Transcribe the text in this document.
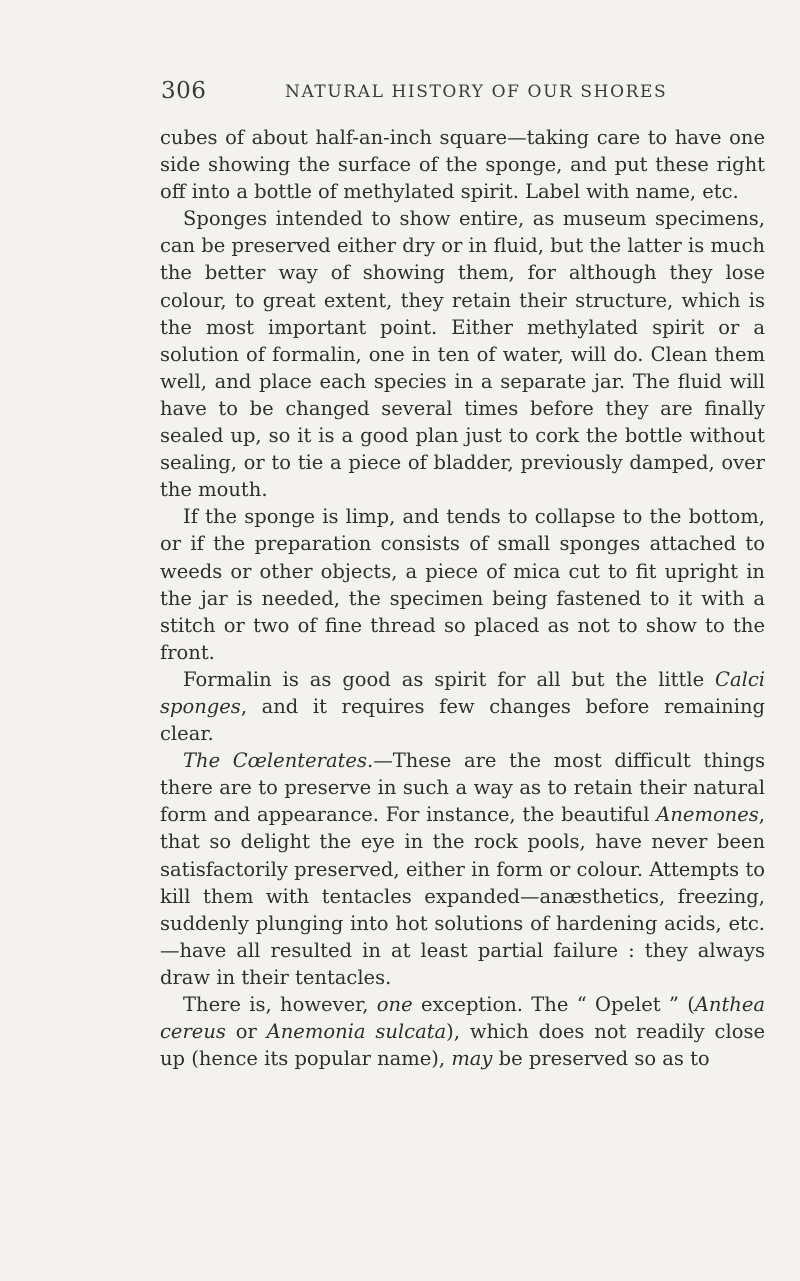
306	NATURAL HISTORY OF OUR SHORES

cubes of about half-an-inch square—taking care to have one side showing the surface of the sponge, and put these right off into a bottle of methylated spirit. Label with name, etc.

Sponges intended to show entire, as museum specimens, can be preserved either dry or in fluid, but the latter is much the better way of showing them, for although they lose colour, to great extent, they retain their structure, which is the most important point. Either methylated spirit or a solution of formalin, one in ten of water, will do. Clean them well, and place each species in a separate jar. The fluid will have to be changed several times before they are finally sealed up, so it is a good plan just to cork the bottle without sealing, or to tie a piece of bladder, previously damped, over the mouth.

If the sponge is limp, and tends to collapse to the bottom, or if the preparation consists of small sponges attached to weeds or other objects, a piece of mica cut to fit upright in the jar is needed, the specimen being fastened to it with a stitch or two of fine thread so placed as not to show to the front.

Formalin is as good as spirit for all but the little Calci sponges, and it requires few changes before remaining clear.

The Cœlenterates.—These are the most difficult things there are to preserve in such a way as to retain their natural form and appearance. For instance, the beautiful Anemones, that so delight the eye in the rock pools, have never been satisfactorily preserved, either in form or colour. Attempts to kill them with tentacles expanded—anæsthetics, freezing, suddenly plunging into hot solutions of hardening acids, etc.—have all resulted in at least partial failure : they always draw in their tentacles.

There is, however, one exception. The “ Opelet ” (Anthea cereus or Anemonia sulcata), which does not readily close up (hence its popular name), may be preserved so as to
